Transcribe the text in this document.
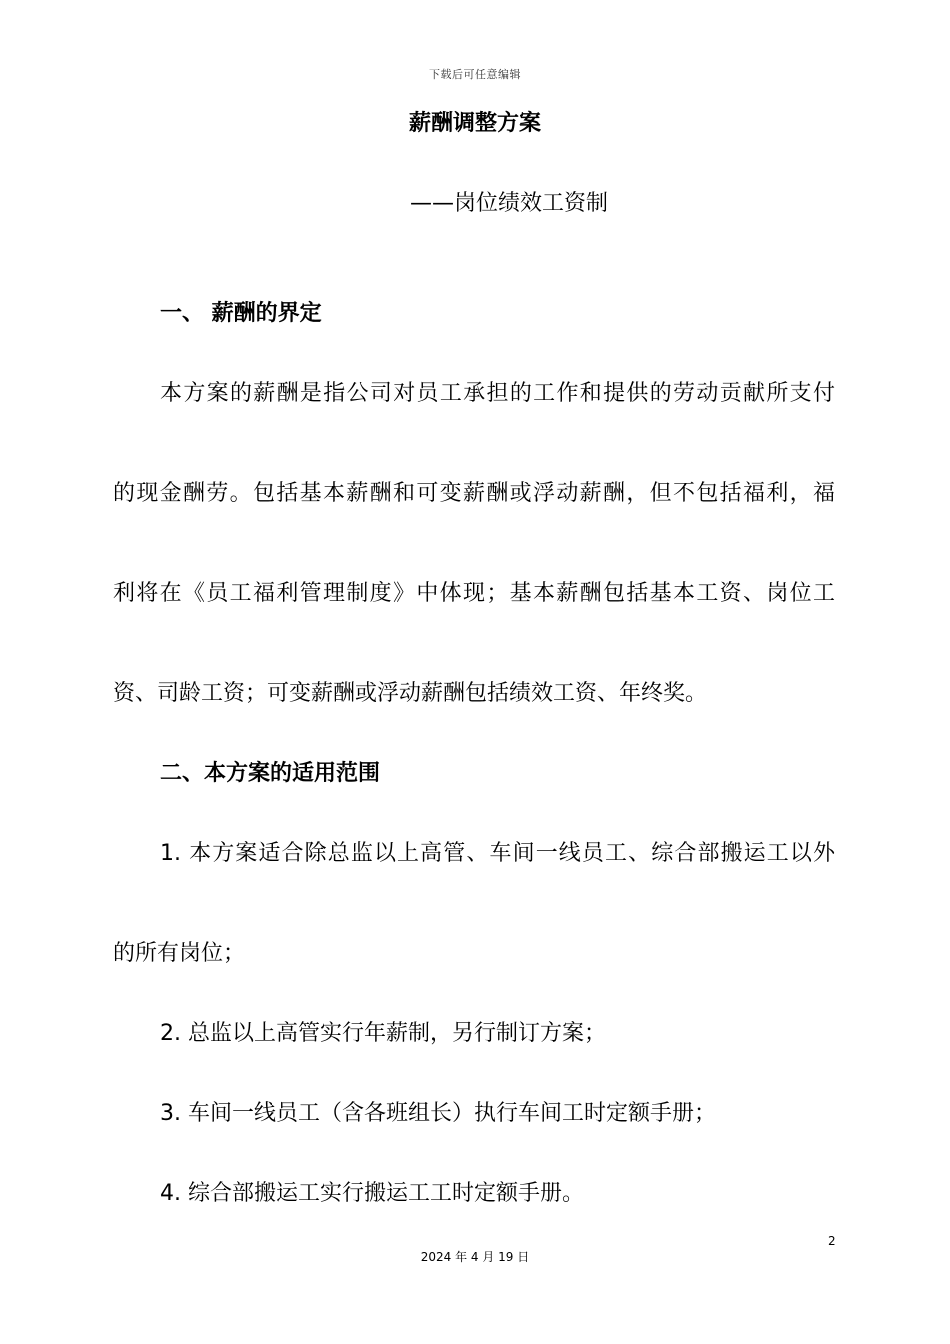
下载后可任意编辑
薪酬调整方案
——岗位绩效工资制
一、 薪酬的界定
本方案的薪酬是指公司对员工承担的工作和提供的劳动贡献所支付
的现金酬劳。包括基本薪酬和可变薪酬或浮动薪酬，但不包括福利，福
利将在《员工福利管理制度》中体现；基本薪酬包括基本工资、岗位工
资、司龄工资；可变薪酬或浮动薪酬包括绩效工资、年终奖。
二、本方案的适用范围
1. 本方案适合除总监以上高管、车间一线员工、综合部搬运工以外
的所有岗位；
2. 总监以上高管实行年薪制，另行制订方案；
3. 车间一线员工（含各班组长）执行车间工时定额手册；
4. 综合部搬运工实行搬运工工时定额手册。
2
2024 年 4 月 19 日
